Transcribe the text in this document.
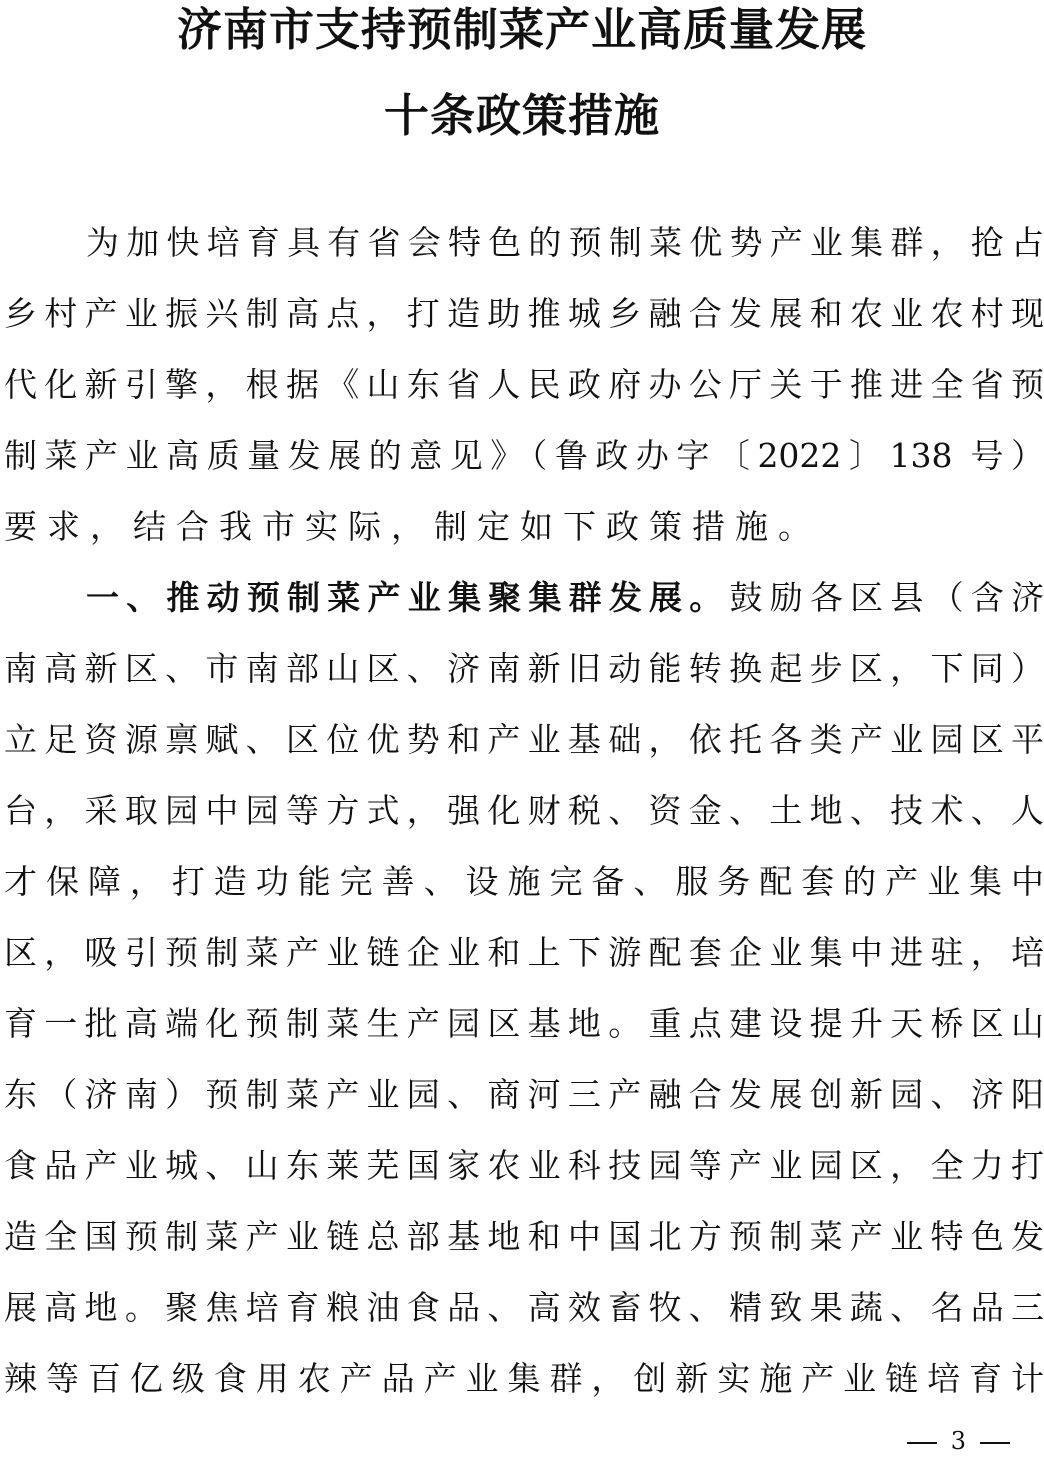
济南市支持预制菜产业高质量发展
十条政策措施
为加快培育具有省会特色的预制菜优势产业集群，抢占
乡村产业振兴制高点，打造助推城乡融合发展和农业农村现
代化新引擎，根据《山东省人民政府办公厅关于推进全省预
制菜产业高质量发展的意见》（鲁政办字〔2022〕138 号）
要求，结合我市实际，制定如下政策措施。
一、推动预制菜产业集聚集群发展。鼓励各区县（含济
南高新区、市南部山区、济南新旧动能转换起步区，下同）
立足资源禀赋、区位优势和产业基础，依托各类产业园区平
台，采取园中园等方式，强化财税、资金、土地、技术、人
才保障，打造功能完善、设施完备、服务配套的产业集中
区，吸引预制菜产业链企业和上下游配套企业集中进驻，培
育一批高端化预制菜生产园区基地。重点建设提升天桥区山
东（济南）预制菜产业园、商河三产融合发展创新园、济阳
食品产业城、山东莱芜国家农业科技园等产业园区，全力打
造全国预制菜产业链总部基地和中国北方预制菜产业特色发
展高地。聚焦培育粮油食品、高效畜牧、精致果蔬、名品三
辣等百亿级食用农产品产业集群，创新实施产业链培育计
3
